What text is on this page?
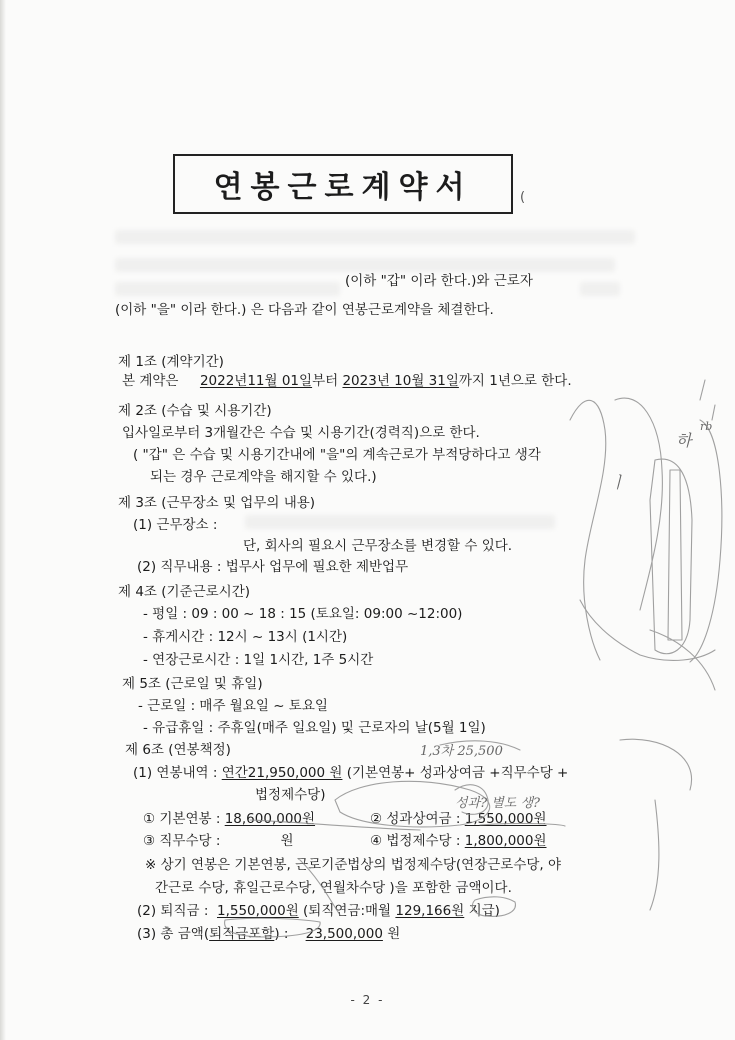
연봉근로계약서	(
(이하 "갑" 이라 한다.)와 근로자
(이하 "을" 이라 한다.) 은 다음과 같이 연봉근로계약을 체결한다.
제 1조 (계약기간)
본 계약은 2022년11월 01일부터 2023년 10월 31일까지 1년으로 한다.
제 2조 (수습 및 시용기간)
입사일로부터 3개월간은 수습 및 시용기간(경력직)으로 한다.
( "갑" 은 수습 및 시용기간내에 "을"의 계속근로가 부적당하다고 생각
되는 경우 근로계약을 해지할 수 있다.)
제 3조 (근무장소 및 업무의 내용)
(1) 근무장소 :
단, 회사의 필요시 근무장소를 변경할 수 있다.
(2) 직무내용 : 법무사 업무에 필요한 제반업무
제 4조 (기준근로시간)
- 평일 : 09 : 00 ~ 18 : 15 (토요일: 09:00 ~12:00)
- 휴게시간 : 12시 ~ 13시 (1시간)
- 연장근로시간 : 1일 1시간, 1주 5시간
제 5조 (근로일 및 휴일)
- 근로일 : 매주 월요일 ~ 토요일
- 유급휴일 : 주휴일(매주 일요일) 및 근로자의 날(5월 1일)
제 6조 (연봉책정)
(1) 연봉내역 : 연간21,950,000 원 (기본연봉+ 성과상여금 +직무수당 +
법정제수당)
① 기본연봉 : 18,600,000원	② 성과상여금 : 1,550,000원
③ 직무수당 :	원	④ 법정제수당 : 1,800,000원
※ 상기 연봉은 기본연봉, 근로기준법상의 법정제수당(연장근로수당, 야
간근로 수당, 휴일근로수당, 연월차수당 )을 포함한 금액이다.
(2) 퇴직금 : 1,550,000원 (퇴직연금:매월 129,166원 지급)
(3) 총 금액(퇴직금포함) : 23,500,000 원
- 2 -
1,3차 25,500
성과? 별도 생?
하
ㅣ
rb
